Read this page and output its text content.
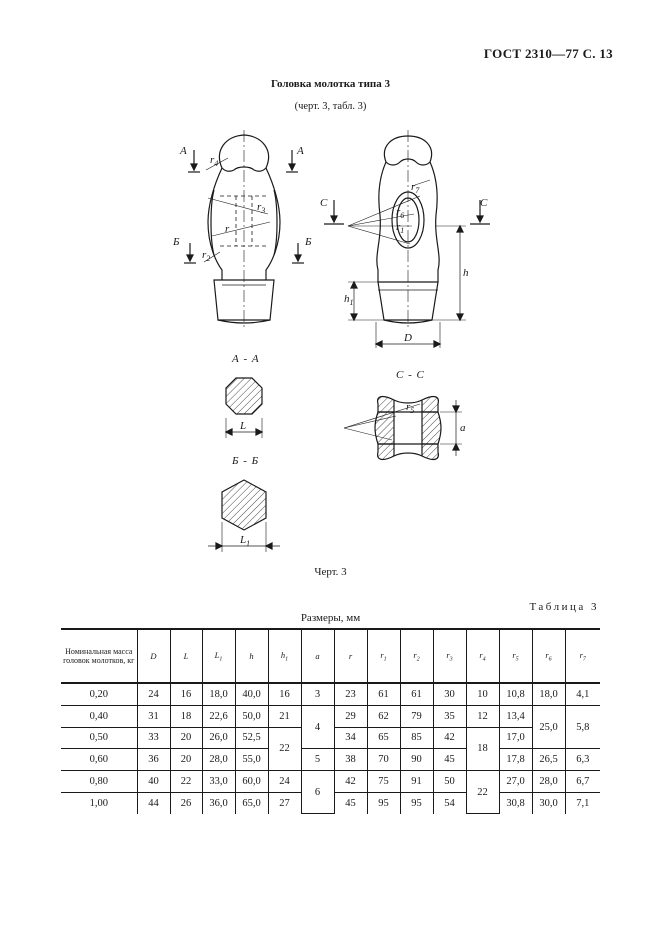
ГОСТ 2310—77 С. 13
Головка молотка типа 3
(черт. 3, табл. 3)
А	А
Б	Б
С	С
$r_4$
$r_3$
r
$r_2$
$r_7$
$r_6$
$r_1$
$r_5$
h
$h_1$
D
L
$L_1$
a
А - А
С - С
Б - Б
Черт. 3
Таблица 3
Размеры, мм
Номинальная масса головок молотков, кг	D	L	$L_1$	h	$h_1$	a	r	$r_1$	$r_2$	$r_3$	$r_4$	$r_5$	$r_6$	$r_7$
0,20	24	16	18,0	40,0	16	3	23	61	61	30	10	10,8	18,0	4,1
0,40	31	18	22,6	50,0	21	4	29	62	79	35	12	13,4	25,0	5,8
0,50	33	20	26,0	52,5	22		34	65	85	42	18	17,0		
0,60	36	20	28,0	55,0		5	38	70	90	45		17,8	26,5	6,3
0,80	40	22	33,0	60,0	24	6	42	75	91	50	22	27,0	28,0	6,7
1,00	44	26	36,0	65,0	27		45	95	95	54		30,8	30,0	7,1
